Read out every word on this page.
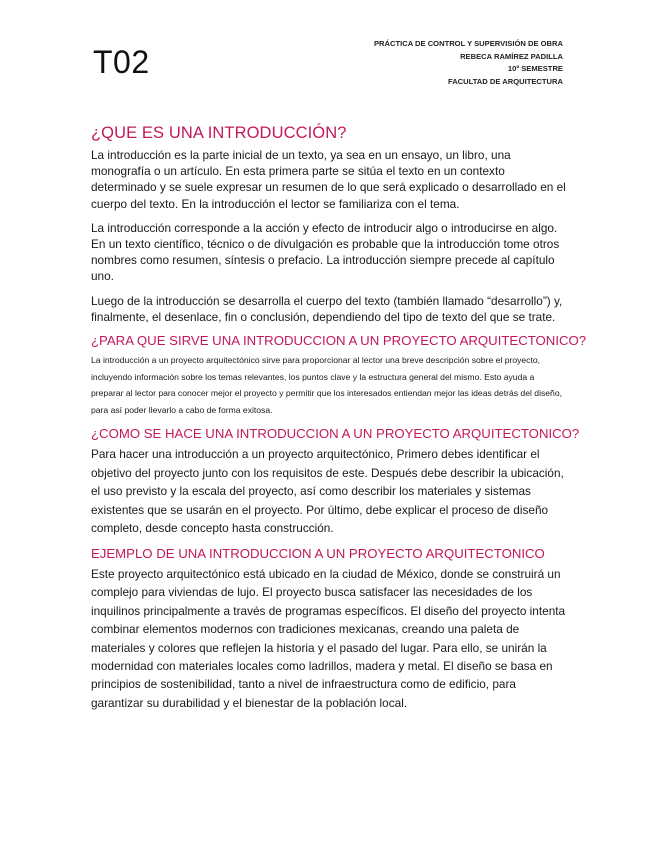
T02
PRÁCTICA DE CONTROL Y SUPERVISIÓN DE OBRA
REBECA RAMÍREZ PADILLA
10º SEMESTRE
FACULTAD DE ARQUITECTURA
¿QUE ES UNA INTRODUCCIÓN?

La introducción es la parte inicial de un texto, ya sea en un ensayo, un libro, una monografía o un artículo. En esta primera parte se sitúa el texto en un contexto determinado y se suele expresar un resumen de lo que será explicado o desarrollado en el cuerpo del texto. En la introducción el lector se familiariza con el tema.

La introducción corresponde a la acción y efecto de introducir algo o introducirse en algo. En un texto científico, técnico o de divulgación es probable que la introducción tome otros nombres como resumen, síntesis o prefacio. La introducción siempre precede al capítulo uno.

Luego de la introducción se desarrolla el cuerpo del texto (también llamado “desarrollo”) y, finalmente, el desenlace, fin o conclusión, dependiendo del tipo de texto del que se trate.

¿PARA QUE SIRVE UNA INTRODUCCION A UN PROYECTO ARQUITECTONICO?

La introducción a un proyecto arquitectónico sirve para proporcionar al lector una breve descripción sobre el proyecto, incluyendo información sobre los temas relevantes, los puntos clave y la estructura general del mismo. Esto ayuda a preparar al lector para conocer mejor el proyecto y permitir que los interesados entiendan mejor las ideas detrás del diseño, para así poder llevarlo a cabo de forma exitosa.

¿COMO SE HACE UNA INTRODUCCION A UN PROYECTO ARQUITECTONICO?

Para hacer una introducción a un proyecto arquitectónico, Primero debes identificar el objetivo del proyecto junto con los requisitos de este. Después debe describir la ubicación, el uso previsto y la escala del proyecto, así como describir los materiales y sistemas existentes que se usarán en el proyecto. Por último, debe explicar el proceso de diseño completo, desde concepto hasta construcción.

EJEMPLO DE UNA INTRODUCCION A UN PROYECTO ARQUITECTONICO

Este proyecto arquitectónico está ubicado en la ciudad de México, donde se construirá un complejo para viviendas de lujo. El proyecto busca satisfacer las necesidades de los inquilinos principalmente a través de programas específicos. El diseño del proyecto intenta combinar elementos modernos con tradiciones mexicanas, creando una paleta de materiales y colores que reflejen la historia y el pasado del lugar. Para ello, se unirán la modernidad con materiales locales como ladrillos, madera y metal. El diseño se basa en principios de sostenibilidad, tanto a nivel de infraestructura como de edificio, para garantizar su durabilidad y el bienestar de la población local.
